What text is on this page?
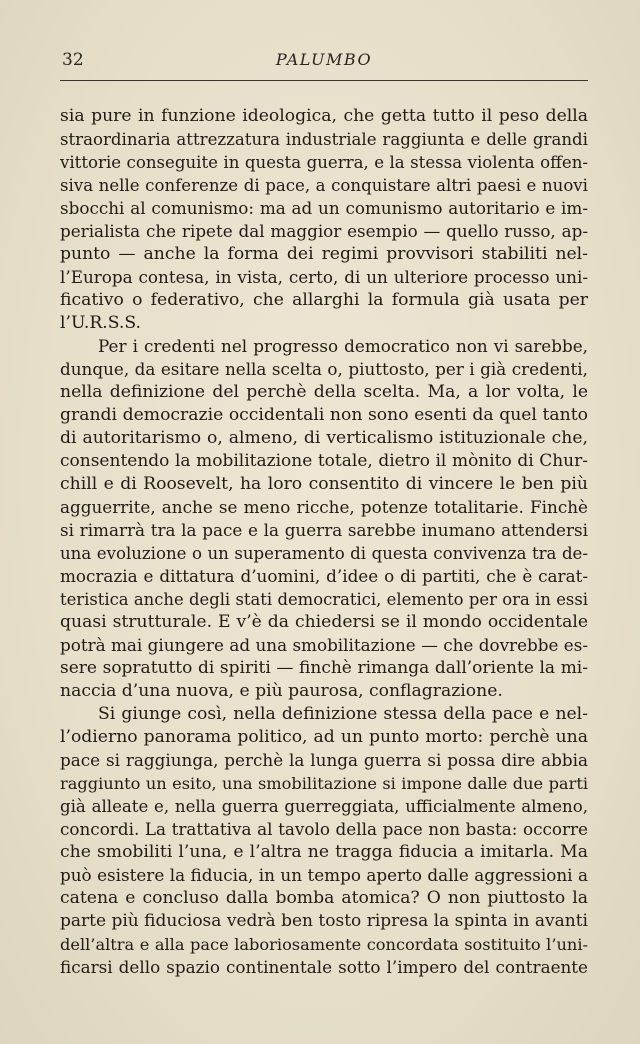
32	PALUMBO
sia pure in funzione ideologica, che getta tutto il peso della
straordinaria attrezzatura industriale raggiunta e delle grandi
vittorie conseguite in questa guerra, e la stessa violenta offen-
siva nelle conferenze di pace, a conquistare altri paesi e nuovi
sbocchi al comunismo: ma ad un comunismo autoritario e im-
perialista che ripete dal maggior esempio — quello russo, ap-
punto — anche la forma dei regimi provvisori stabiliti nel-
l’Europa contesa, in vista, certo, di un ulteriore processo uni-
ficativo o federativo, che allarghi la formula già usata per
l’U.R.S.S.
Per i credenti nel progresso democratico non vi sarebbe,
dunque, da esitare nella scelta o, piuttosto, per i già credenti,
nella definizione del perchè della scelta. Ma, a lor volta, le
grandi democrazie occidentali non sono esenti da quel tanto
di autoritarismo o, almeno, di verticalismo istituzionale che,
consentendo la mobilitazione totale, dietro il mònito di Chur-
chill e di Roosevelt, ha loro consentito di vincere le ben più
agguerrite, anche se meno ricche, potenze totalitarie. Finchè
si rimarrà tra la pace e la guerra sarebbe inumano attendersi
una evoluzione o un superamento di questa convivenza tra de-
mocrazia e dittatura d’uomini, d’idee o di partiti, che è carat-
teristica anche degli stati democratici, elemento per ora in essi
quasi strutturale. E v’è da chiedersi se il mondo occidentale
potrà mai giungere ad una smobilitazione — che dovrebbe es-
sere sopratutto di spiriti — finchè rimanga dall’oriente la mi-
naccia d’una nuova, e più paurosa, conflagrazione.
Si giunge così, nella definizione stessa della pace e nel-
l’odierno panorama politico, ad un punto morto: perchè una
pace si raggiunga, perchè la lunga guerra si possa dire abbia
raggiunto un esito, una smobilitazione si impone dalle due parti
già alleate e, nella guerra guerreggiata, ufficialmente almeno,
concordi. La trattativa al tavolo della pace non basta: occorre
che smobiliti l’una, e l’altra ne tragga fiducia a imitarla. Ma
può esistere la fiducia, in un tempo aperto dalle aggressioni a
catena e concluso dalla bomba atomica? O non piuttosto la
parte più fiduciosa vedrà ben tosto ripresa la spinta in avanti
dell’altra e alla pace laboriosamente concordata sostituito l’uni-
ficarsi dello spazio continentale sotto l’impero del contraente
